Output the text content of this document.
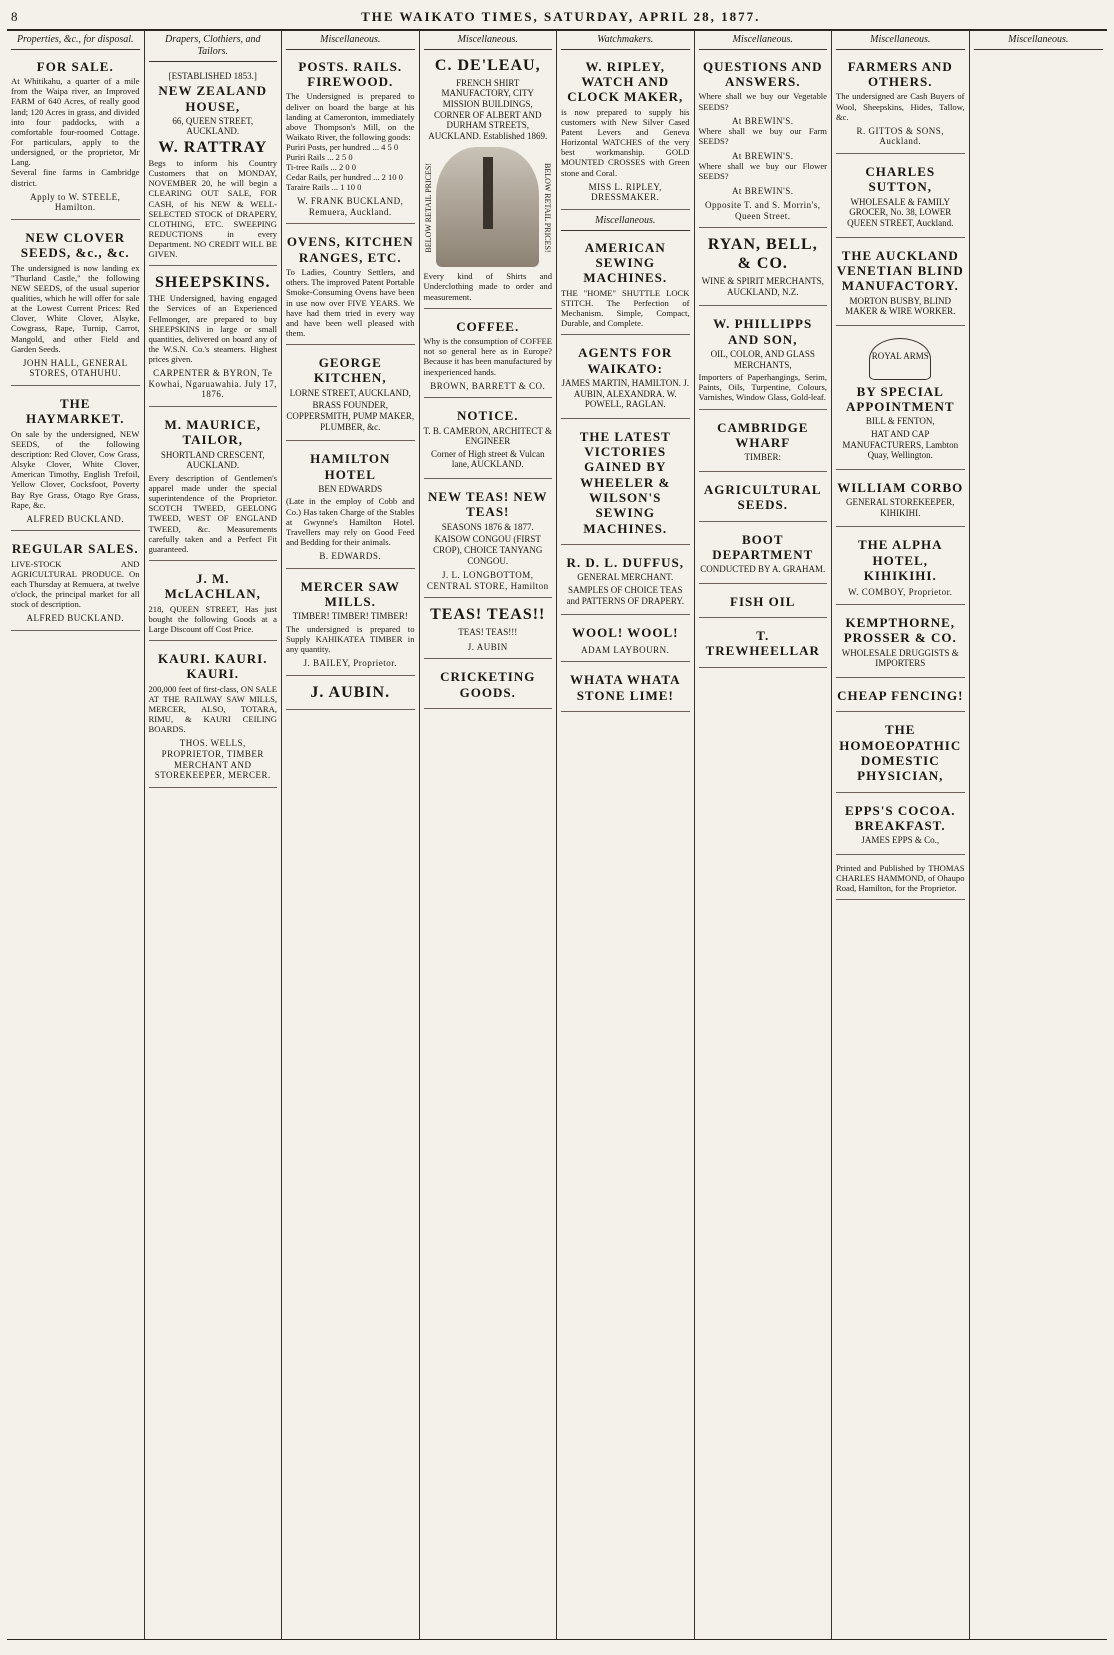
8	THE WAIKATO TIMES, SATURDAY, APRIL 28, 1877.
Properties, &c., for disposal.
FOR SALE.
At Whitikahu, a quarter of a mile from the Waipa river, an Improved FARM of 640 Acres, of really good land; 120 Acres in grass, and divided into four paddocks, with a comfortable four-roomed Cottage. For particulars, apply to the undersigned, or the proprietor, Mr Lang.
Several fine farms in Cambridge district.
Apply to W. STEELE, Hamilton.
NEW CLOVER SEEDS, &c., &c.
The undersigned is now landing ex "Thurland Castle," the following NEW SEEDS, of the usual superior qualities, which he will offer for sale at the Lowest Current Prices: Red Clover, White Clover, Alsyke, Cowgrass, Rape, Turnip, Carrot, Mangold, and other Field and Garden Seeds.
JOHN HALL, GENERAL STORES, OTAHUHU.
THE HAYMARKET.
On sale by the undersigned, NEW SEEDS, of the following description: Red Clover, Cow Grass, Alsyke Clover, White Clover, American Timothy, English Trefoil, Yellow Clover, Cocksfoot, Poverty Bay Rye Grass, Otago Rye Grass, Rape, &c.
ALFRED BUCKLAND.
REGULAR SALES.
LIVE-STOCK AND AGRICULTURAL PRODUCE. On each Thursday at Remuera, at twelve o'clock, the principal market for all stock of description.
ALFRED BUCKLAND.
Drapers, Clothiers, and Tailors.
[ESTABLISHED 1853.]
NEW ZEALAND HOUSE,
66, QUEEN STREET, AUCKLAND.
W. RATTRAY
Begs to inform his Country Customers that on MONDAY, NOVEMBER 20, he will begin a CLEARING OUT SALE, FOR CASH, of his NEW & WELL-SELECTED STOCK of DRAPERY, CLOTHING, ETC. SWEEPING REDUCTIONS in every Department. NO CREDIT WILL BE GIVEN.
SHEEPSKINS.
THE Undersigned, having engaged the Services of an Experienced Fellmonger, are prepared to buy SHEEPSKINS in large or small quantities, delivered on board any of the W.S.N. Co.'s steamers. Highest prices given.
CARPENTER & BYRON, Te Kowhai, Ngaruawahia. July 17, 1876.
M. MAURICE, TAILOR,
SHORTLAND CRESCENT, AUCKLAND.
Every description of Gentlemen's apparel made under the special superintendence of the Proprietor. SCOTCH TWEED, GEELONG TWEED, WEST OF ENGLAND TWEED, &c. Measurements carefully taken and a Perfect Fit guaranteed.
J. M. McLACHLAN,
218, QUEEN STREET, Has just bought the following Goods at a Large Discount off Cost Price.
KAURI. KAURI. KAURI.
200,000 feet of first-class, ON SALE AT THE RAILWAY SAW MILLS, MERCER, ALSO, TOTARA, RIMU, & KAURI CEILING BOARDS.
THOS. WELLS, PROPRIETOR, TIMBER MERCHANT AND STOREKEEPER, MERCER.
Miscellaneous.
POSTS. RAILS. FIREWOOD.
The Undersigned is prepared to deliver on board the barge at his landing at Cameronton, immediately above Thompson's Mill, on the Waikato River, the following goods:
Puriri Posts, per hundred ... 4 5 0
Puriri Rails ... 2 5 0
Ti-tree Rails ... 2 0 0
Cedar Rails, per hundred ... 2 10 0
Taraire Rails ... 1 10 0
W. FRANK BUCKLAND, Remuera, Auckland.
OVENS, KITCHEN RANGES, ETC.
To Ladies, Country Settlers, and others. The improved Patent Portable Smoke-Consuming Ovens have been in use now over FIVE YEARS. We have had them tried in every way and have been well pleased with them.
GEORGE KITCHEN,
LORNE STREET, AUCKLAND,
BRASS FOUNDER, COPPERSMITH, PUMP MAKER, PLUMBER, &c.
HAMILTON HOTEL
BEN EDWARDS
(Late in the employ of Cobb and Co.) Has taken Charge of the Stables at Gwynne's Hamilton Hotel. Travellers may rely on Good Feed and Bedding for their animals.
B. EDWARDS.
MERCER SAW MILLS.
TIMBER! TIMBER! TIMBER!
The undersigned is prepared to Supply KAHIKATEA TIMBER in any quantity.
J. BAILEY, Proprietor.
J. AUBIN.
Miscellaneous.
C. DE'LEAU,
FRENCH SHIRT MANUFACTORY, CITY MISSION BUILDINGS, CORNER OF ALBERT AND DURHAM STREETS, AUCKLAND. Established 1869.
BELOW RETAIL PRICES!	BELOW RETAIL PRICES!
Every kind of Shirts and Underclothing made to order and measurement.
COFFEE.
Why is the consumption of COFFEE not so general here as in Europe? Because it has been manufactured by inexperienced hands.
BROWN, BARRETT & CO.
NOTICE.
T. B. CAMERON, ARCHITECT & ENGINEER
Corner of High street & Vulcan lane, AUCKLAND.
NEW TEAS! NEW TEAS!
SEASONS 1876 & 1877.
KAISOW CONGOU (FIRST CROP), CHOICE TANYANG CONGOU.
J. L. LONGBOTTOM, CENTRAL STORE, Hamilton
TEAS! TEAS!!
TEAS! TEAS!!!
J. AUBIN
CRICKETING GOODS.
Watchmakers.
W. RIPLEY, WATCH AND CLOCK MAKER,
is now prepared to supply his customers with New Silver Cased Patent Levers and Geneva Horizontal WATCHES of the very best workmanship. GOLD MOUNTED CROSSES with Green stone and Coral.
MISS L. RIPLEY, DRESSMAKER.
Miscellaneous.
AMERICAN SEWING MACHINES.
THE "HOME" SHUTTLE LOCK STITCH. The Perfection of Mechanism. Simple, Compact, Durable, and Complete.
AGENTS FOR WAIKATO:
JAMES MARTIN, HAMILTON. J. AUBIN, ALEXANDRA. W. POWELL, RAGLAN.
THE LATEST VICTORIES GAINED BY WHEELER & WILSON'S SEWING MACHINES.
R. D. L. DUFFUS,
GENERAL MERCHANT.
SAMPLES OF CHOICE TEAS and PATTERNS OF DRAPERY.
WOOL! WOOL!
ADAM LAYBOURN.
WHATA WHATA STONE LIME!
Miscellaneous.
QUESTIONS AND ANSWERS.
Where shall we buy our Vegetable SEEDS?
At BREWIN'S.
Where shall we buy our Farm SEEDS?
At BREWIN'S.
Where shall we buy our Flower SEEDS?
At BREWIN'S.
Opposite T. and S. Morrin's, Queen Street.
RYAN, BELL, & CO.
WINE & SPIRIT MERCHANTS, AUCKLAND, N.Z.
W. PHILLIPPS AND SON,
OIL, COLOR, AND GLASS MERCHANTS,
Importers of Paperhangings, Serim, Paints, Oils, Turpentine, Colours, Varnishes, Window Glass, Gold-leaf.
CAMBRIDGE WHARF
TIMBER:
AGRICULTURAL SEEDS.
BOOT DEPARTMENT
CONDUCTED BY A. GRAHAM.
FISH OIL
T. TREWHEELLAR
Miscellaneous.
FARMERS AND OTHERS.
The undersigned are Cash Buyers of Wool, Sheepskins, Hides, Tallow, &c.
R. GITTOS & SONS, Auckland.
CHARLES SUTTON,
WHOLESALE & FAMILY GROCER, No. 38, LOWER QUEEN STREET, Auckland.
THE AUCKLAND VENETIAN BLIND MANUFACTORY.
MORTON BUSBY, BLIND MAKER & WIRE WORKER.
ROYAL ARMS
BY SPECIAL APPOINTMENT
BILL & FENTON,
HAT AND CAP MANUFACTURERS, Lambton Quay, Wellington.
WILLIAM CORBO
GENERAL STOREKEEPER, KIHIKIHI.
THE ALPHA HOTEL, KIHIKIHI.
W. COMBOY, Proprietor.
KEMPTHORNE, PROSSER & CO.
WHOLESALE DRUGGISTS & IMPORTERS
CHEAP FENCING!
THE HOMOEOPATHIC DOMESTIC PHYSICIAN,
EPPS'S COCOA. BREAKFAST.
JAMES EPPS & Co.,
Printed and Published by THOMAS CHARLES HAMMOND, of Ohaupo Road, Hamilton, for the Proprietor.
Miscellaneous.
